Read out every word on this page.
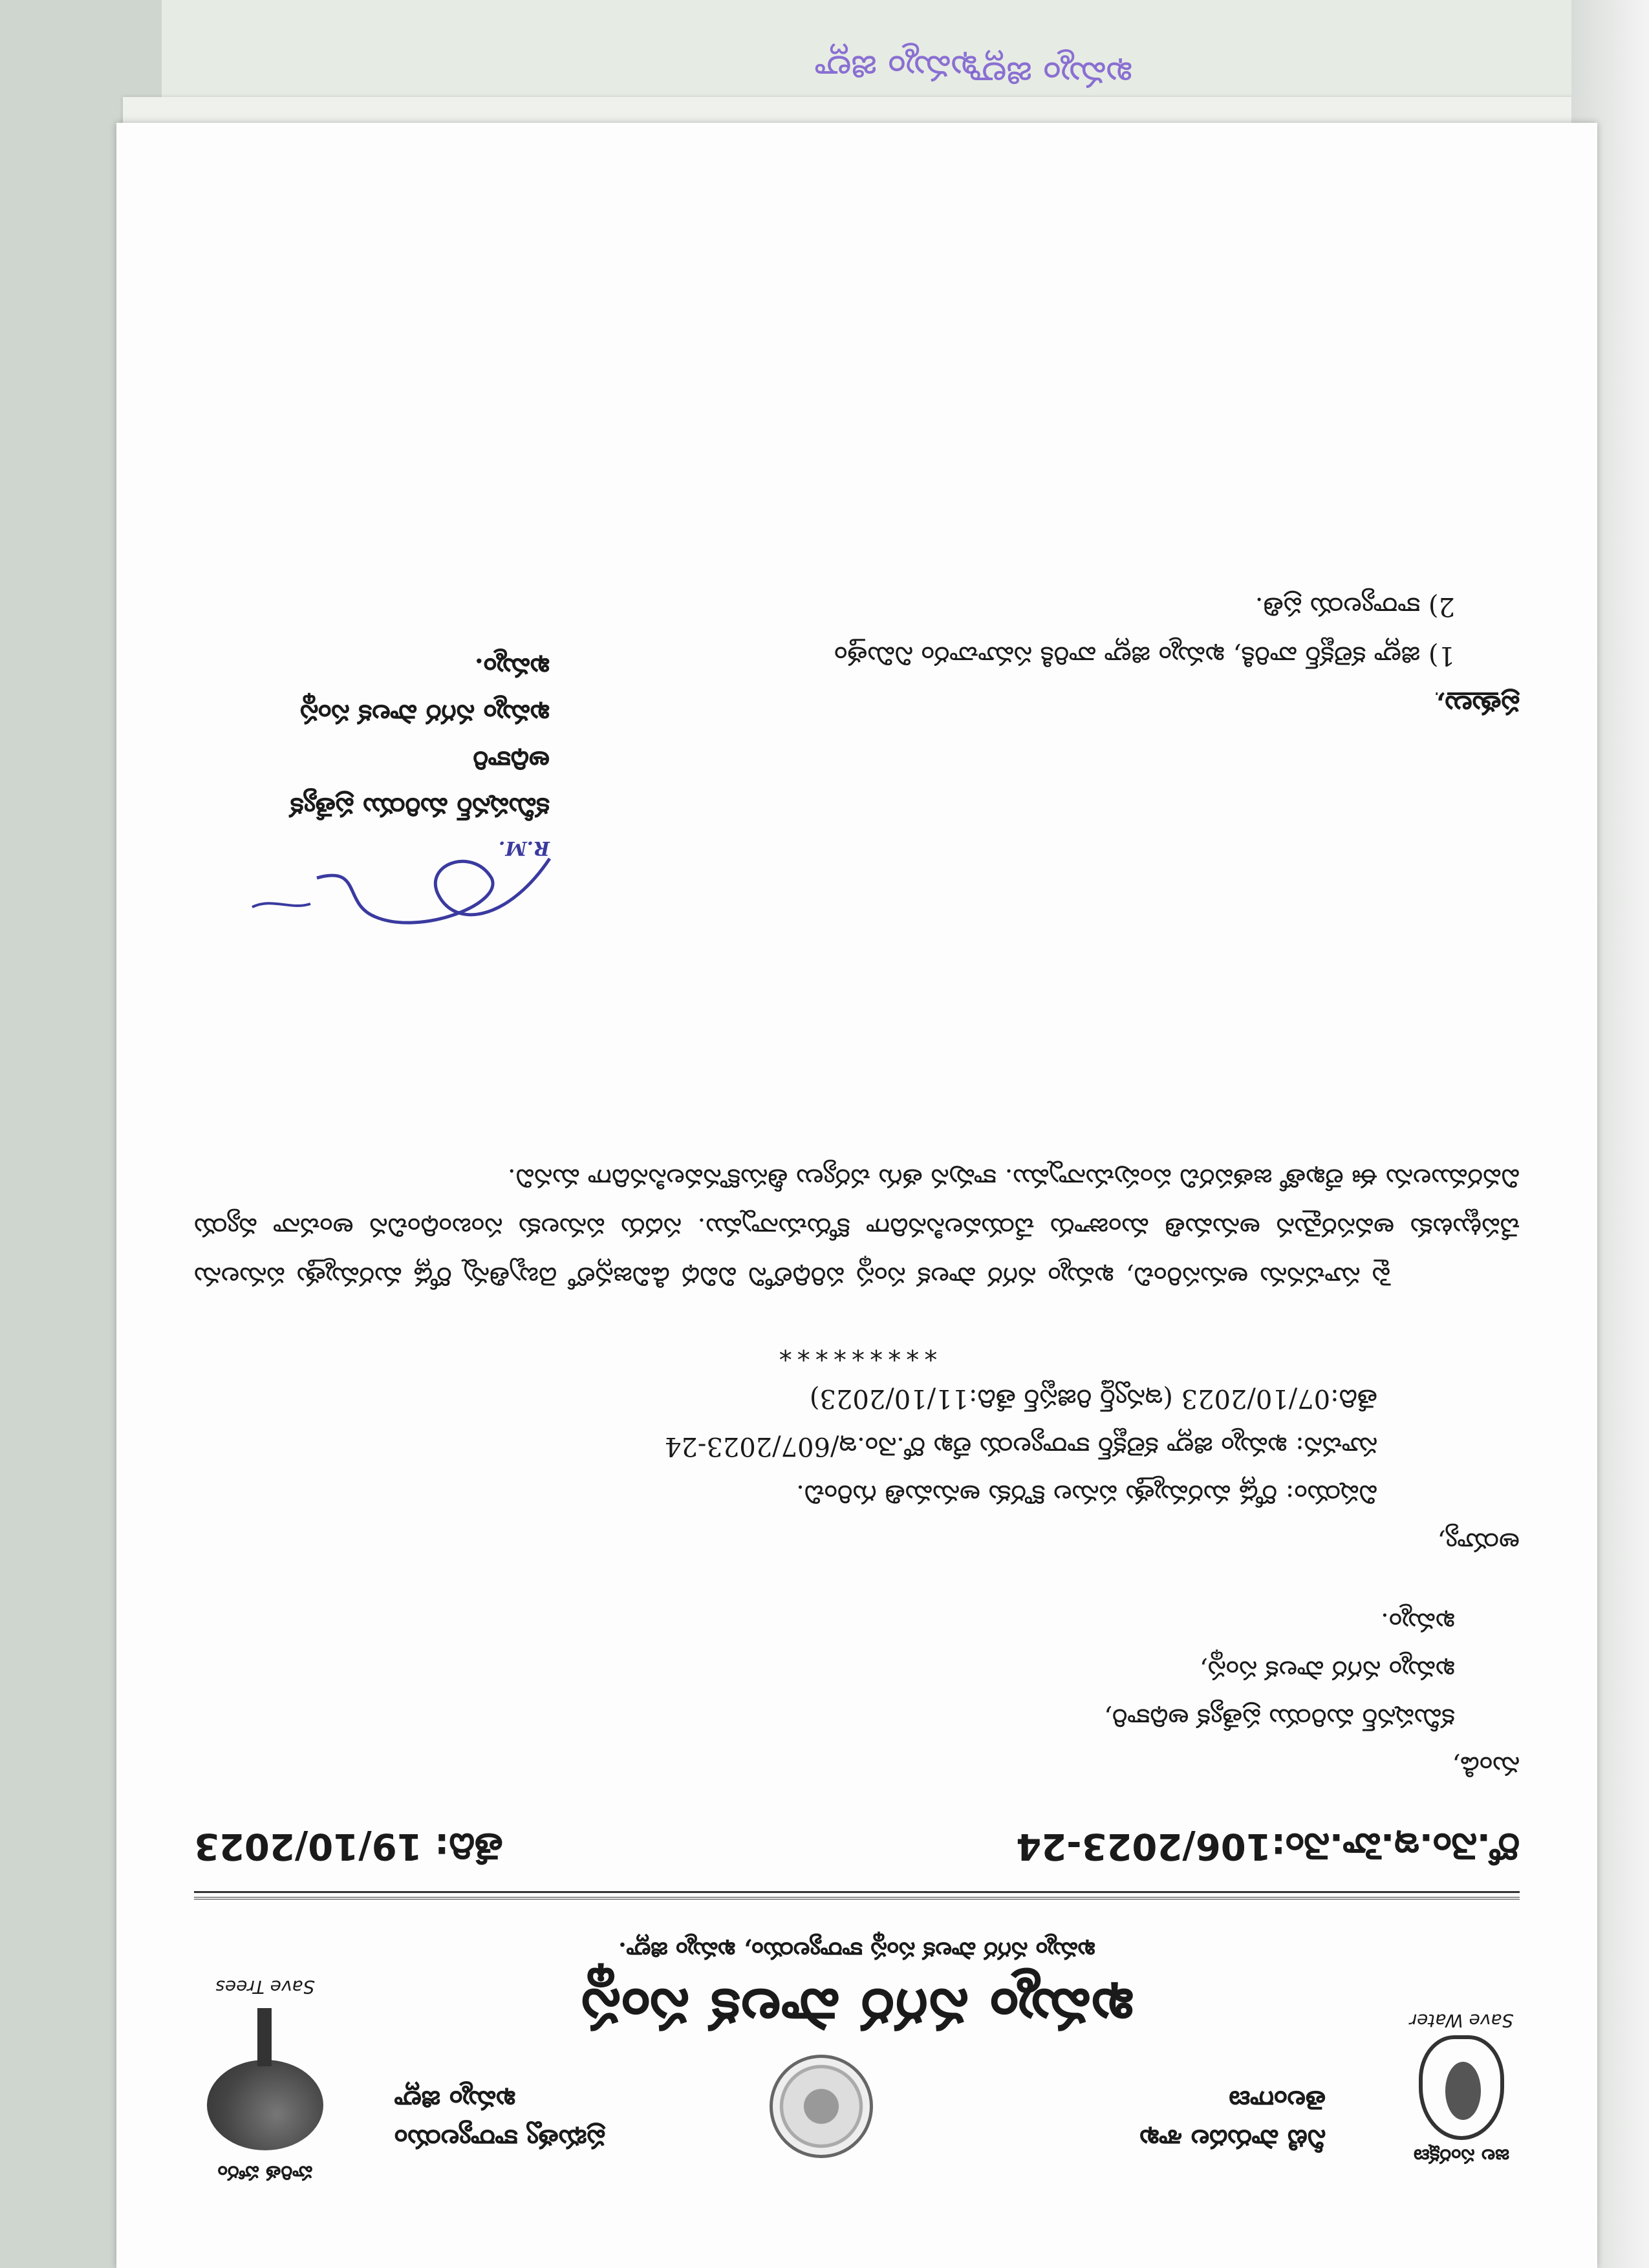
ఖమ్మం జిల్లా
ఖమ్మం జిల్లా
జల సంరక్షణ
Save Water
నీటి పారుదల శాఖ
తెలంగాణ
ప్రభుత్వ కార్యాలయం
ఖమ్మం జిల్లా
హరిత హారం
Save Trees	ఖమ్మం నగర పాలక సంస్థ
ఖమ్మం నగర పాలక సంస్థ కార్యాలయం, ఖమ్మం జిల్లా.
రో.నెం.ఇ.హె.నెం:106/2023-24
తేది: 19/10/2023

నుండి,

కమీషనర్ మరియు ప్రత్యేక అధికారి,

ఖమ్మం నగర పాలక సంస్థ,

ఖమ్మం.

అయ్యా,

విషయం: రోడ్ల మరమ్మత్తు పనుల కొరకు అనుమతి గురించి.

సూచన: ఖమ్మం జిల్లా కలెక్టర్ కార్యాలయ లేఖ రో.నెం.ఇ/607/2023-24

తేది:07/10/2023 (ఇన్వర్డ్ రిజిస్టర్ తేది:11/10/2023)

*********

పై సూచనను అనుసరించి, ఖమ్మం నగర పాలక సంస్థ పరిధిలోని వివిధ డివిజన్లలో దెబ్బతిన్న రోడ్ల మరమ్మత్తు పనులను చేపట్టుటకు అవసరమైన అనుమతి మంజూరు చేయవలసినదిగా కోరుచున్నాము. సదరు పనులకు సంబంధించిన అంచనా వ్యయ వివరములను ఈ లేఖతో జతపరచి పంపుచున్నాము. కావున తగు చర్యలు తీసుకొనవలసినదిగా మనవి.

R.M.
కమీషనర్ మరియు ప్రత్యేక అధికారి
ఖమ్మం నగర పాలక సంస్థ
ఖమ్మం.
ప్రతులు,
1) జిల్లా కలెక్టర్ వారికి, ఖమ్మం జిల్లా వారికి సమాచారం నిమిత్తం
2) కార్యాలయ ప్రతి.
